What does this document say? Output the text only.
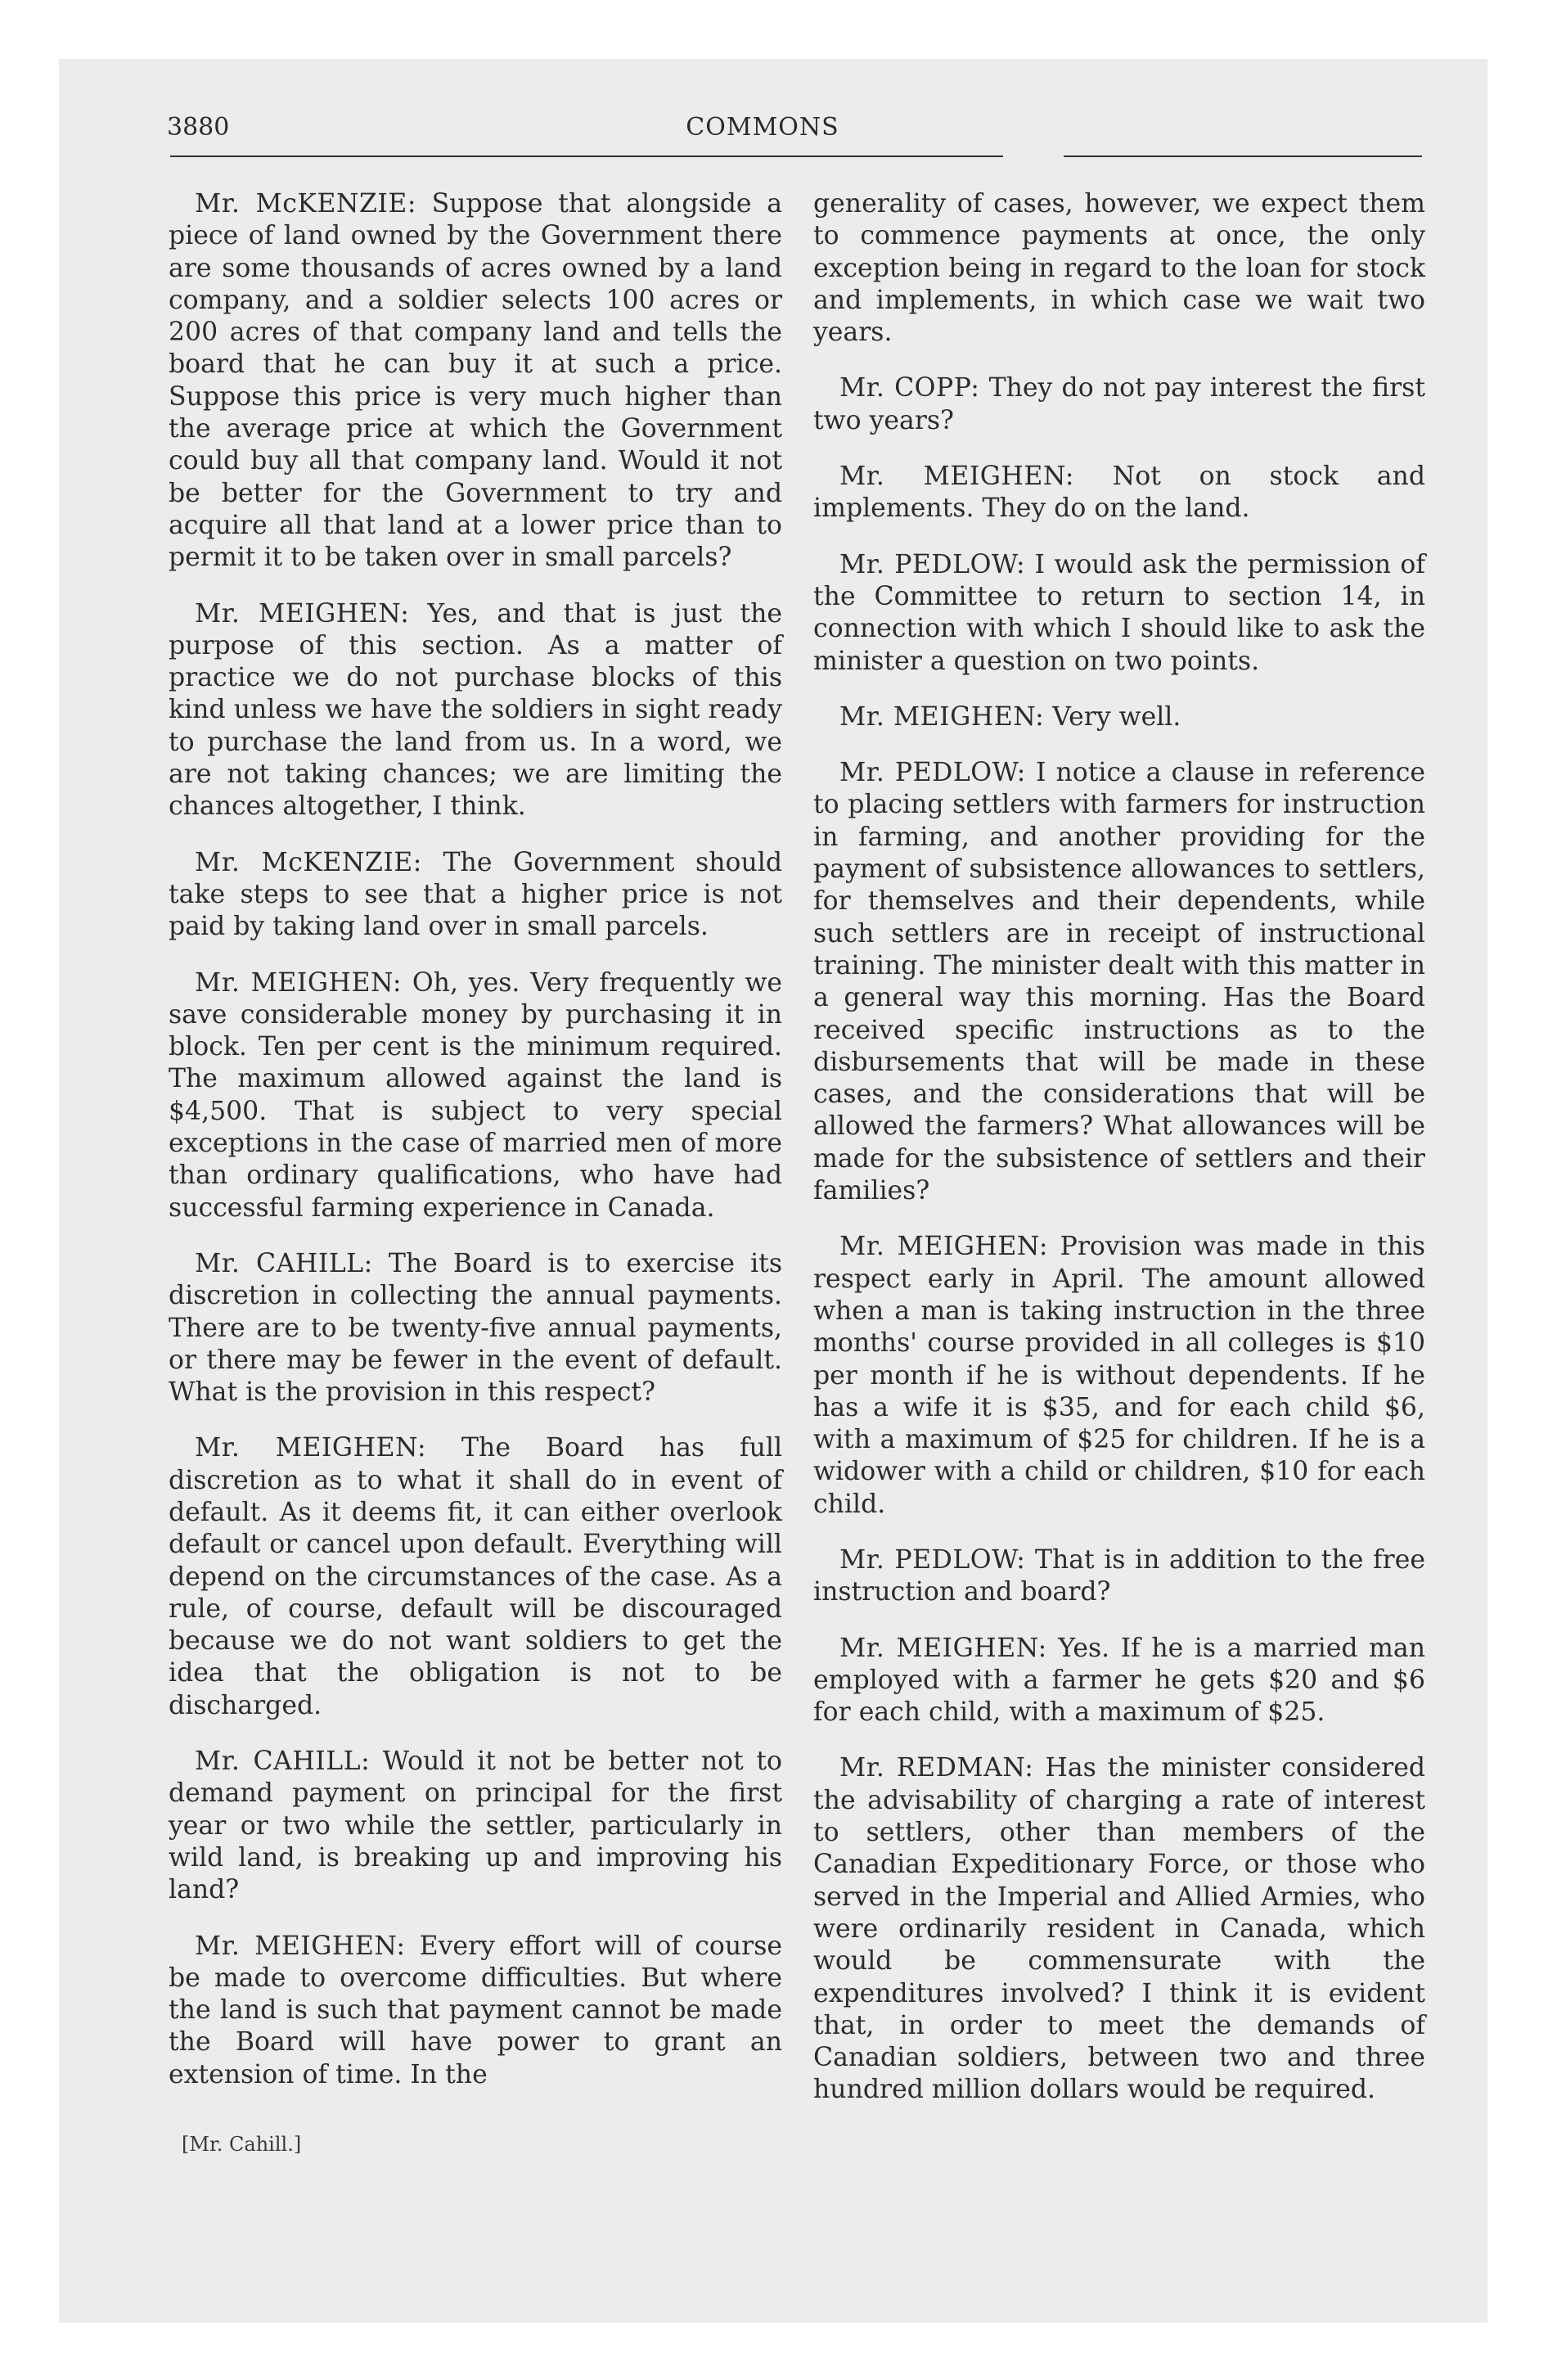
3880	COMMONS

Mr. McKENZIE: Suppose that alongside a piece of land owned by the Government there are some thousands of acres owned by a land company, and a soldier selects 100 acres or 200 acres of that company land and tells the board that he can buy it at such a price. Suppose this price is very much higher than the average price at which the Government could buy all that company land. Would it not be better for the Government to try and acquire all that land at a lower price than to permit it to be taken over in small parcels?

Mr. MEIGHEN: Yes, and that is just the purpose of this section. As a matter of practice we do not purchase blocks of this kind unless we have the soldiers in sight ready to purchase the land from us. In a word, we are not taking chances; we are limiting the chances altogether, I think.

Mr. McKENZIE: The Government should take steps to see that a higher price is not paid by taking land over in small parcels.

Mr. MEIGHEN: Oh, yes. Very frequently we save considerable money by purchasing it in block. Ten per cent is the minimum required. The maximum allowed against the land is $4,500. That is subject to very special exceptions in the case of married men of more than ordinary qualifications, who have had successful farming experience in Canada.

Mr. CAHILL: The Board is to exercise its discretion in collecting the annual payments. There are to be twenty-five annual payments, or there may be fewer in the event of default. What is the provision in this respect?

Mr. MEIGHEN: The Board has full discretion as to what it shall do in event of default. As it deems fit, it can either overlook default or cancel upon default. Everything will depend on the circumstances of the case. As a rule, of course, default will be discouraged because we do not want soldiers to get the idea that the obligation is not to be discharged.

Mr. CAHILL: Would it not be better not to demand payment on principal for the first year or two while the settler, particularly in wild land, is breaking up and improving his land?

Mr. MEIGHEN: Every effort will of course be made to overcome difficulties. But where the land is such that payment cannot be made the Board will have power to grant an extension of time. In the

generality of cases, however, we expect them to commence payments at once, the only exception being in regard to the loan for stock and implements, in which case we wait two years.

Mr. COPP: They do not pay interest the first two years?

Mr. MEIGHEN: Not on stock and implements. They do on the land.

Mr. PEDLOW: I would ask the permission of the Committee to return to section 14, in connection with which I should like to ask the minister a question on two points.

Mr. MEIGHEN: Very well.

Mr. PEDLOW: I notice a clause in reference to placing settlers with farmers for instruction in farming, and another providing for the payment of subsistence allowances to settlers, for themselves and their dependents, while such settlers are in receipt of instructional training. The minister dealt with this matter in a general way this morning. Has the Board received specific instructions as to the disbursements that will be made in these cases, and the considerations that will be allowed the farmers? What allowances will be made for the subsistence of settlers and their families?

Mr. MEIGHEN: Provision was made in this respect early in April. The amount allowed when a man is taking instruction in the three months' course provided in all colleges is $10 per month if he is without dependents. If he has a wife it is $35, and for each child $6, with a maximum of $25 for children. If he is a widower with a child or children, $10 for each child.

Mr. PEDLOW: That is in addition to the free instruction and board?

Mr. MEIGHEN: Yes. If he is a married man employed with a farmer he gets $20 and $6 for each child, with a maximum of $25.

Mr. REDMAN: Has the minister considered the advisability of charging a rate of interest to settlers, other than members of the Canadian Expeditionary Force, or those who served in the Imperial and Allied Armies, who were ordinarily resident in Canada, which would be commensurate with the expenditures involved? I think it is evident that, in order to meet the demands of Canadian soldiers, between two and three hundred million dollars would be required.

[Mr. Cahill.]
